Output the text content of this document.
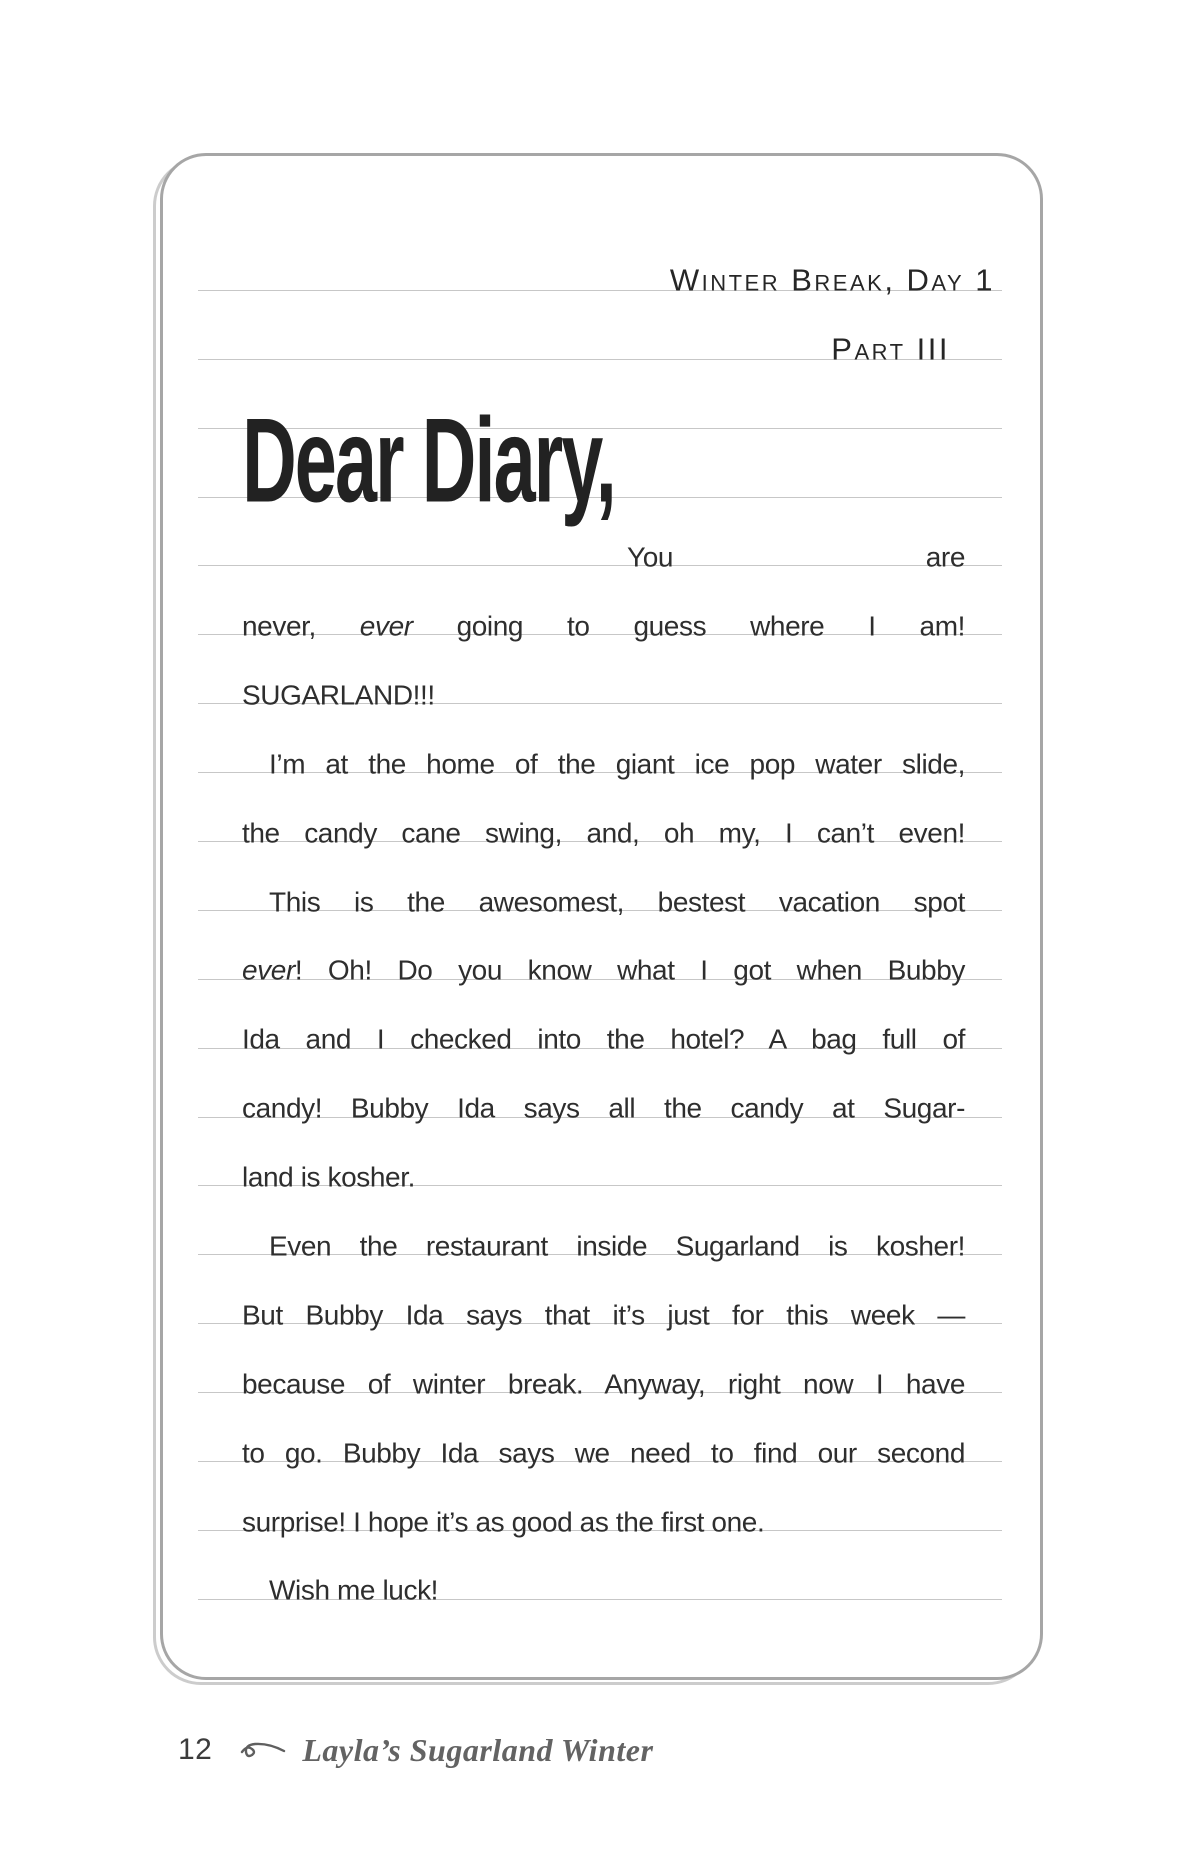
Winter Break, Day 1
Part III
Dear Diary,
You are
never, ever going to guess where I am!
SUGARLAND!!!
I’m at the home of the giant ice pop water slide,
the candy cane swing, and, oh my, I can’t even!
This is the awesomest, bestest vacation spot
ever! Oh! Do you know what I got when Bubby
Ida and I checked into the hotel? A bag full of
candy! Bubby Ida says all the candy at Sugar-
land is kosher.
Even the restaurant inside Sugarland is kosher!
But Bubby Ida says that it’s just for this week —
because of winter break. Anyway, right now I have
to go. Bubby Ida says we need to find our second
surprise! I hope it’s as good as the first one.
Wish me luck!
12	Layla’s Sugarland Winter
